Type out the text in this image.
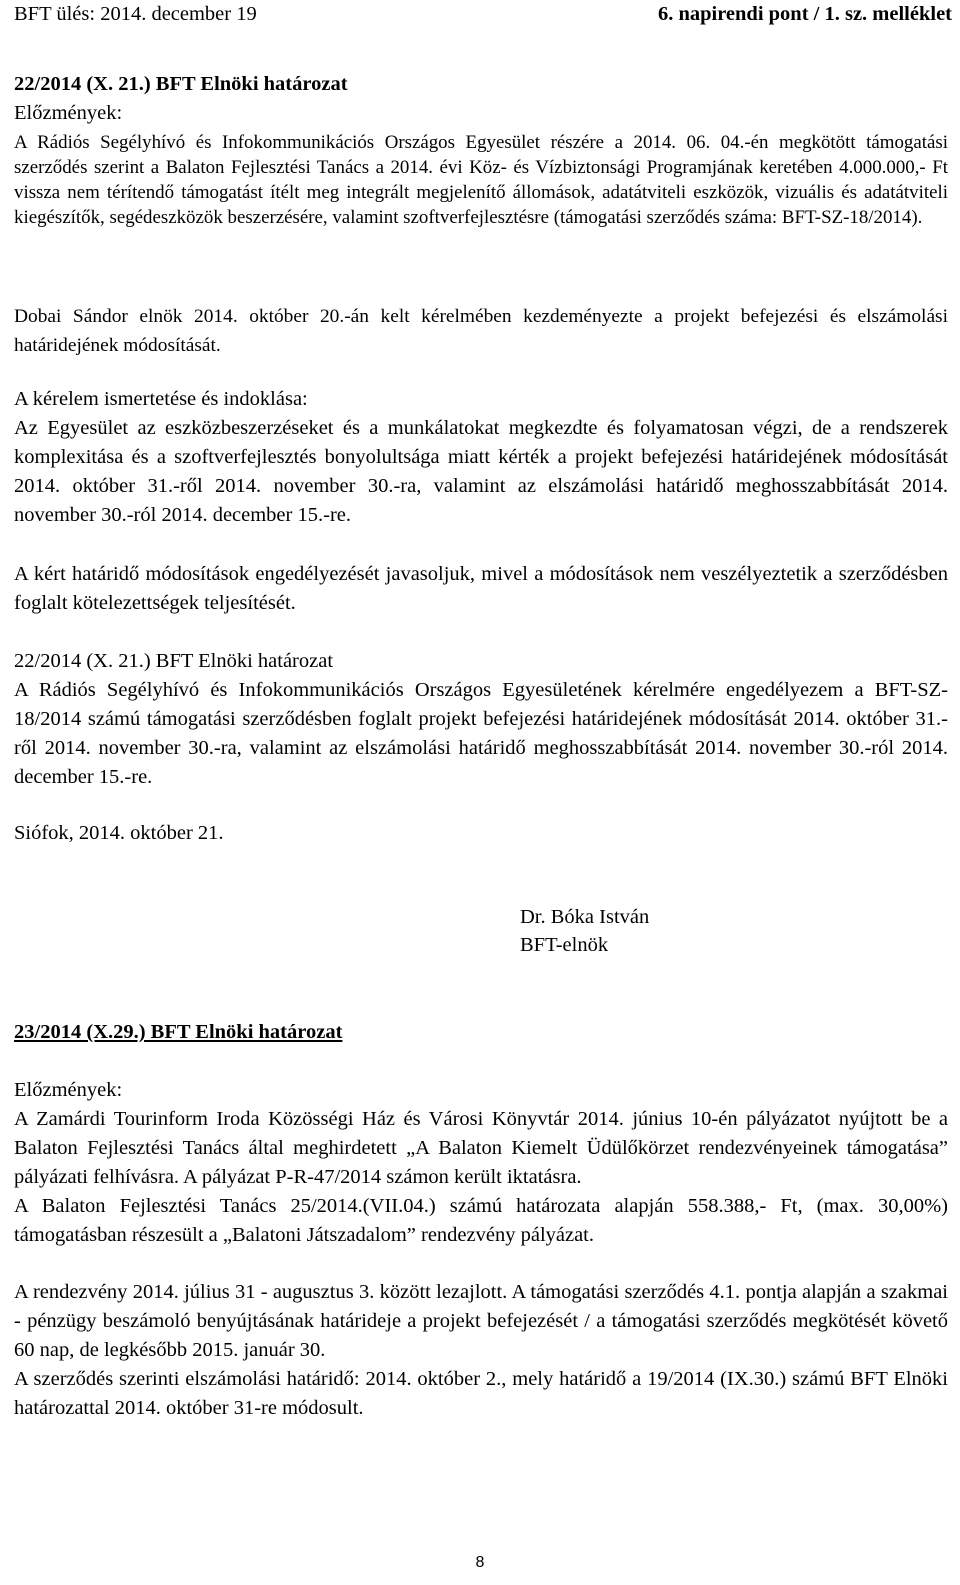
BFT ülés: 2014. december 19	6. napirendi pont / 1. sz. melléklet
22/2014 (X. 21.) BFT Elnöki határozat
Előzmények:

A Rádiós Segélyhívó és Infokommunikációs Országos Egyesület részére a 2014. 06. 04.-én megkötött támogatási szerződés szerint a Balaton Fejlesztési Tanács a 2014. évi Köz- és Vízbiztonsági Programjának keretében 4.000.000,- Ft vissza nem térítendő támogatást ítélt meg integrált megjelenítő állomások, adatátviteli eszközök, vizuális és adatátviteli kiegészítők, segédeszközök beszerzésére, valamint szoftverfejlesztésre (támogatási szerződés száma: BFT-SZ-18/2014).

Dobai Sándor elnök 2014. október 20.-án kelt kérelmében kezdeményezte a projekt befejezési és elszámolási határidejének módosítását.

A kérelem ismertetése és indoklása:

Az Egyesület az eszközbeszerzéseket és a munkálatokat megkezdte és folyamatosan végzi, de a rendszerek komplexitása és a szoftverfejlesztés bonyolultsága miatt kérték a projekt befejezési határidejének módosítását 2014. október 31.-ről 2014. november 30.-ra, valamint az elszámolási határidő meghosszabbítását 2014. november 30.-ról 2014. december 15.-re.

A kért határidő módosítások engedélyezését javasoljuk, mivel a módosítások nem veszélyeztetik a szerződésben foglalt kötelezettségek teljesítését.

22/2014 (X. 21.) BFT Elnöki határozat

A Rádiós Segélyhívó és Infokommunikációs Országos Egyesületének kérelmére engedélyezem a BFT-SZ-18/2014 számú támogatási szerződésben foglalt projekt befejezési határidejének módosítását 2014. október 31.-ről 2014. november 30.-ra, valamint az elszámolási határidő meghosszabbítását 2014. november 30.-ról 2014. december 15.-re.

Siófok, 2014. október 21.
Dr. Bóka István
BFT-elnök
23/2014 (X.29.) BFT Elnöki határozat
Előzmények:

A Zamárdi Tourinform Iroda Közösségi Ház és Városi Könyvtár 2014. június 10-én pályázatot nyújtott be a Balaton Fejlesztési Tanács által meghirdetett „A Balaton Kiemelt Üdülőkörzet rendezvényeinek támogatása” pályázati felhívásra. A pályázat P-R-47/2014 számon került iktatásra.

A Balaton Fejlesztési Tanács 25/2014.(VII.04.) számú határozata alapján 558.388,- Ft, (max. 30,00%) támogatásban részesült a „Balatoni Játszadalom” rendezvény pályázat.

A rendezvény 2014. július 31 - augusztus 3. között lezajlott. A támogatási szerződés 4.1. pontja alapján a szakmai - pénzügy beszámoló benyújtásának határideje a projekt befejezését / a támogatási szerződés megkötését követő 60 nap, de legkésőbb 2015. január 30.

A szerződés szerinti elszámolási határidő: 2014. október 2., mely határidő a 19/2014 (IX.30.) számú BFT Elnöki határozattal 2014. október 31-re módosult.

8
